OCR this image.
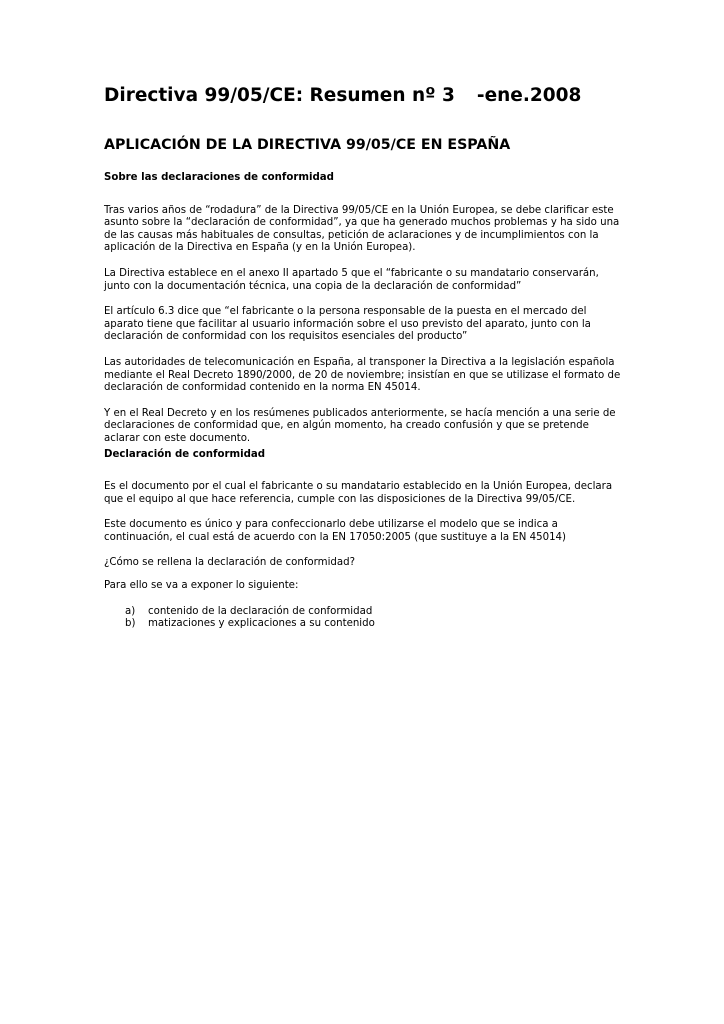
Directiva 99/05/CE: Resumen nº 3 -ene.2008
APLICACIÓN DE LA DIRECTIVA 99/05/CE EN ESPAÑA

Sobre las declaraciones de conformidad

Tras varios años de “rodadura” de la Directiva 99/05/CE en la Unión Europea, se debe clarificar este asunto sobre la “declaración de conformidad”, ya que ha generado muchos problemas y ha sido una de las causas más habituales de consultas, petición de aclaraciones y de incumplimientos con la aplicación de la Directiva en España (y en la Unión Europea).

La Directiva establece en el anexo II apartado 5 que el “fabricante o su mandatario conservarán, junto con la documentación técnica, una copia de la declaración de conformidad”

El artículo 6.3 dice que “el fabricante o la persona responsable de la puesta en el mercado del aparato tiene que facilitar al usuario información sobre el uso previsto del aparato, junto con la declaración de conformidad con los requisitos esenciales del producto”

Las autoridades de telecomunicación en España, al transponer la Directiva a la legislación española mediante el Real Decreto 1890/2000, de 20 de noviembre; insistían en que se utilizase el formato de declaración de conformidad contenido en la norma EN 45014.

Y en el Real Decreto y en los resúmenes publicados anteriormente, se hacía mención a una serie de declaraciones de conformidad que, en algún momento, ha creado confusión y que se pretende aclarar con este documento.

Declaración de conformidad

Es el documento por el cual el fabricante o su mandatario establecido en la Unión Europea, declara que el equipo al que hace referencia, cumple con las disposiciones de la Directiva 99/05/CE.

Este documento es único y para confeccionarlo debe utilizarse el modelo que se indica a continuación, el cual está de acuerdo con la EN 17050:2005 (que sustituye a la EN 45014)

¿Cómo se rellena la declaración de conformidad?

Para ello se va a exponer lo siguiente:

a)	contenido de la declaración de conformidad
b)	matizaciones y explicaciones a su contenido
